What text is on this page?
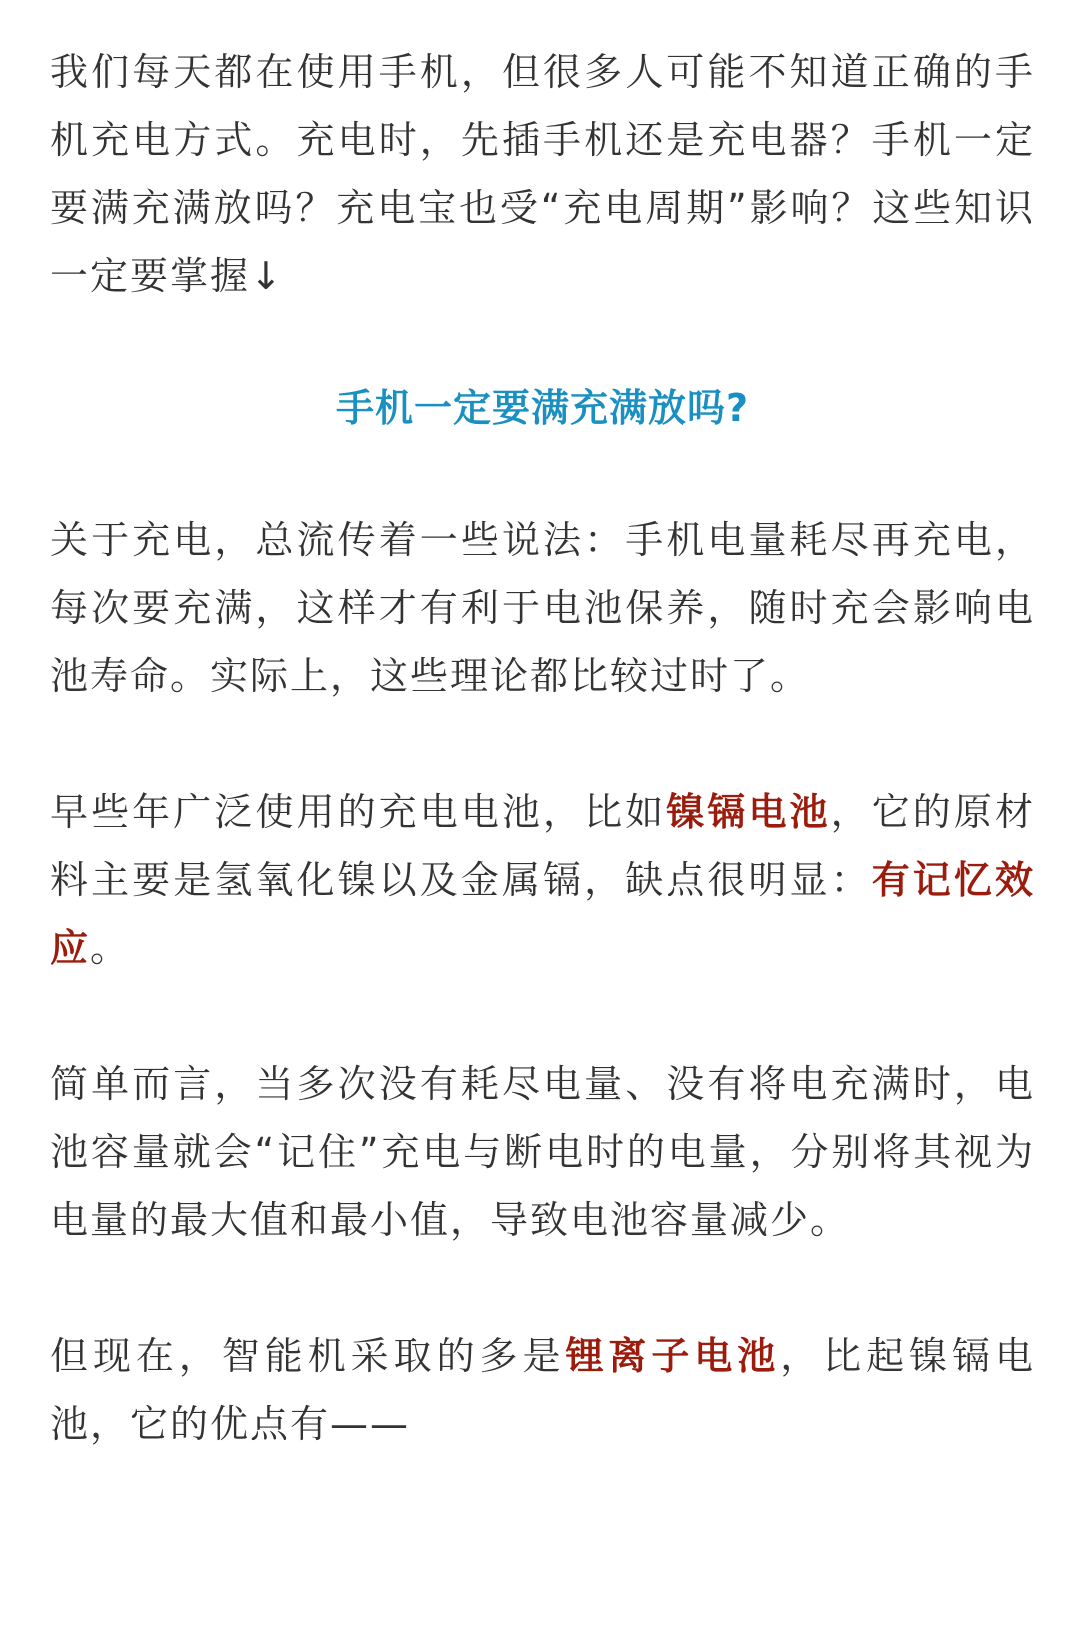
我们每天都在使用手机，但很多人可能不知道正确的手机充电方式。充电时，先插手机还是充电器？手机一定要满充满放吗？充电宝也受“充电周期”影响？这些知识一定要掌握↓

手机一定要满充满放吗?

关于充电，总流传着一些说法：手机电量耗尽再充电，每次要充满，这样才有利于电池保养，随时充会影响电池寿命。实际上，这些理论都比较过时了。

早些年广泛使用的充电电池，比如镍镉电池，它的原材料主要是氢氧化镍以及金属镉，缺点很明显：有记忆效应。

简单而言，当多次没有耗尽电量、没有将电充满时，电池容量就会“记住”充电与断电时的电量，分别将其视为电量的最大值和最小值，导致电池容量减少。

但现在，智能机采取的多是锂离子电池，比起镍镉电池，它的优点有——
